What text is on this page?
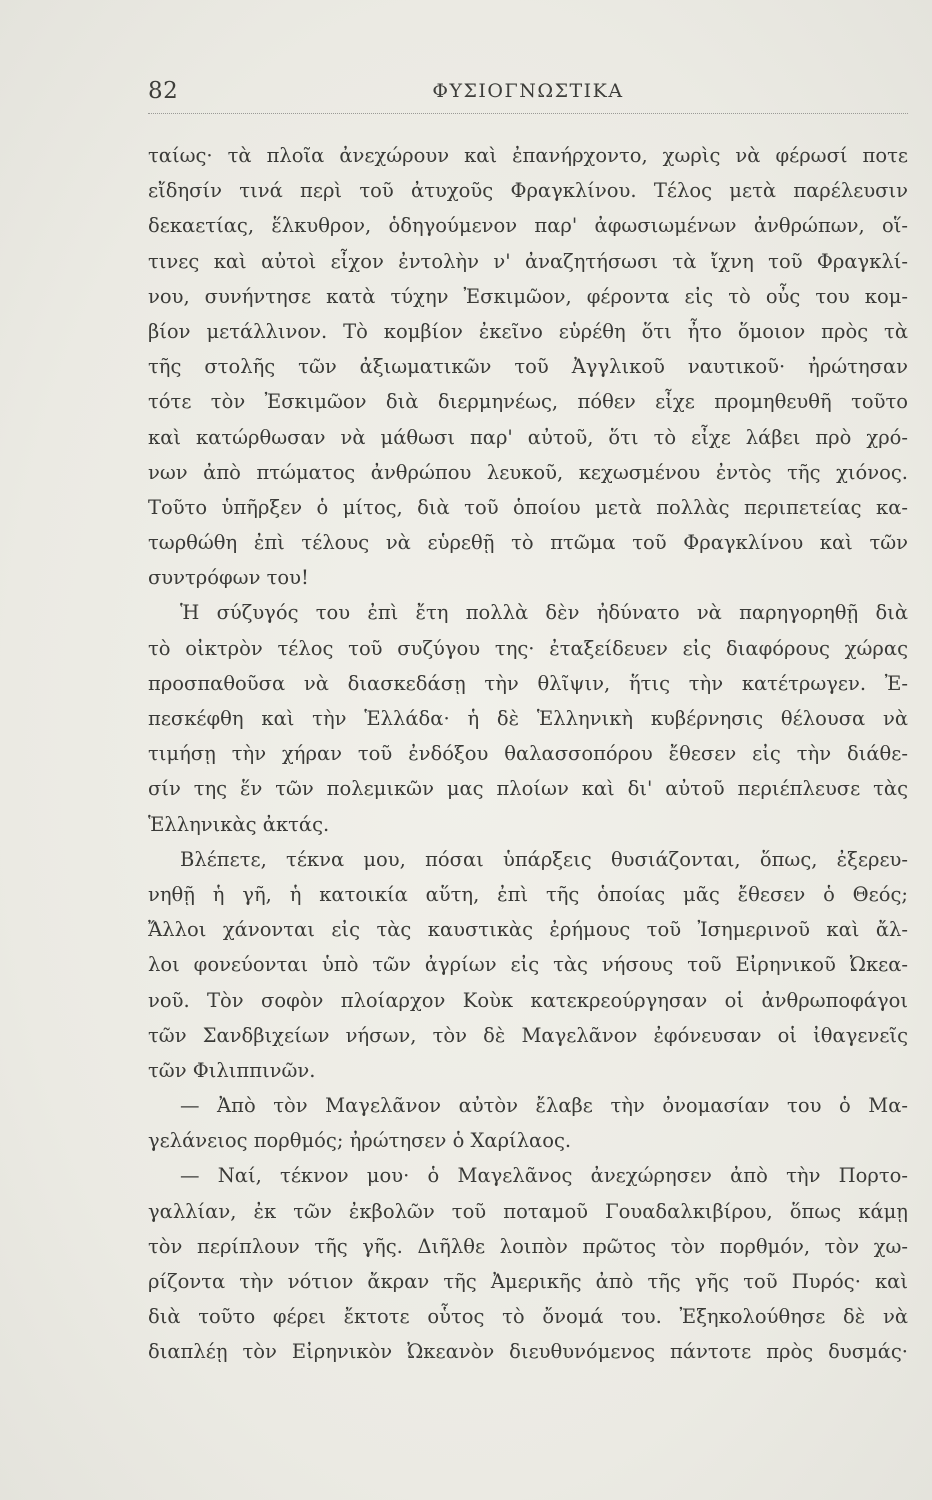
82	ΦΥΣΙΟΓΝΩΣΤΙΚΑ
ταίως· τὰ πλοῖα ἀνεχώρουν καὶ ἐπανήρχοντο, χωρὶς νὰ φέρωσί ποτε
εἴδησίν τινά περὶ τοῦ ἀτυχοῦς Φραγκλίνου. Τέλος μετὰ παρέλευσιν
δεκαετίας, ἕλκυθρον, ὁδηγούμενον παρ' ἀφωσιωμένων ἀνθρώπων, οἵ-
τινες καὶ αὐτοὶ εἶχον ἐντολὴν ν' ἀναζητήσωσι τὰ ἴχνη τοῦ Φραγκλί-
νου, συνήντησε κατὰ τύχην Ἐσκιμῶον, φέροντα εἰς τὸ οὖς του κομ-
βίον μετάλλινον. Τὸ κομβίον ἐκεῖνο εὑρέθη ὅτι ἦτο ὅμοιον πρὸς τὰ
τῆς στολῆς τῶν ἀξιωματικῶν τοῦ Ἀγγλικοῦ ναυτικοῦ· ἠρώτησαν
τότε τὸν Ἐσκιμῶον διὰ διερμηνέως, πόθεν εἶχε προμηθευθῆ τοῦτο
καὶ κατώρθωσαν νὰ μάθωσι παρ' αὐτοῦ, ὅτι τὸ εἶχε λάβει πρὸ χρό-
νων ἀπὸ πτώματος ἀνθρώπου λευκοῦ, κεχωσμένου ἐντὸς τῆς χιόνος.
Τοῦτο ὑπῆρξεν ὁ μίτος, διὰ τοῦ ὁποίου μετὰ πολλὰς περιπετείας κα-
τωρθώθη ἐπὶ τέλους νὰ εὑρεθῇ τὸ πτῶμα τοῦ Φραγκλίνου καὶ τῶν
συντρόφων του!
Ἡ σύζυγός του ἐπὶ ἔτη πολλὰ δὲν ἠδύνατο νὰ παρηγορηθῇ διὰ
τὸ οἰκτρὸν τέλος τοῦ συζύγου της· ἐταξείδευεν εἰς διαφόρους χώρας
προσπαθοῦσα νὰ διασκεδάσῃ τὴν θλῖψιν, ἥτις τὴν κατέτρωγεν. Ἐ-
πεσκέφθη καὶ τὴν Ἑλλάδα· ἡ δὲ Ἑλληνικὴ κυβέρνησις θέλουσα νὰ
τιμήσῃ τὴν χήραν τοῦ ἐνδόξου θαλασσοπόρου ἔθεσεν εἰς τὴν διάθε-
σίν της ἕν τῶν πολεμικῶν μας πλοίων καὶ δι' αὐτοῦ περιέπλευσε τὰς
Ἑλληνικὰς ἀκτάς.
Βλέπετε, τέκνα μου, πόσαι ὑπάρξεις θυσιάζονται, ὅπως, ἐξερευ-
νηθῇ ἡ γῆ, ἡ κατοικία αὕτη, ἐπὶ τῆς ὁποίας μᾶς ἔθεσεν ὁ Θεός;
Ἄλλοι χάνονται εἰς τὰς καυστικὰς ἐρήμους τοῦ Ἰσημερινοῦ καὶ ἄλ-
λοι φονεύονται ὑπὸ τῶν ἀγρίων εἰς τὰς νήσους τοῦ Εἰρηνικοῦ Ὠκεα-
νοῦ. Τὸν σοφὸν πλοίαρχον Κοὺκ κατεκρεούργησαν οἱ ἀνθρωποφάγοι
τῶν Σανδβιχείων νήσων, τὸν δὲ Μαγελᾶνον ἐφόνευσαν οἱ ἰθαγενεῖς
τῶν Φιλιππινῶν.
— Ἀπὸ τὸν Μαγελᾶνον αὐτὸν ἔλαβε τὴν ὀνομασίαν του ὁ Μα-
γελάνειος πορθμός; ἠρώτησεν ὁ Χαρίλαος.
— Ναί, τέκνον μου· ὁ Μαγελᾶνος ἀνεχώρησεν ἀπὸ τὴν Πορτο-
γαλλίαν, ἐκ τῶν ἐκβολῶν τοῦ ποταμοῦ Γουαδαλκιβίρου, ὅπως κάμῃ
τὸν περίπλουν τῆς γῆς. Διῆλθε λοιπὸν πρῶτος τὸν πορθμόν, τὸν χω-
ρίζοντα τὴν νότιον ἄκραν τῆς Ἀμερικῆς ἀπὸ τῆς γῆς τοῦ Πυρός· καὶ
διὰ τοῦτο φέρει ἔκτοτε οὗτος τὸ ὄνομά του. Ἐξηκολούθησε δὲ νὰ
διαπλέῃ τὸν Εἰρηνικὸν Ὠκεανὸν διευθυνόμενος πάντοτε πρὸς δυσμάς·
